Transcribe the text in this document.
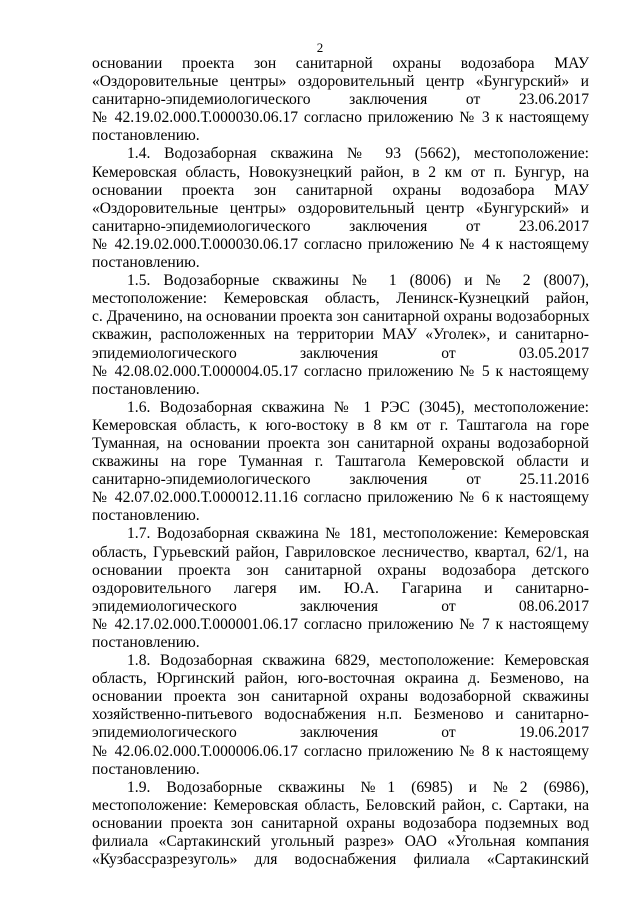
2

основании проекта зон санитарной охраны водозабора МАУ
«Оздоровительные центры» оздоровительный центр «Бунгурский» и
санитарно-эпидемиологического заключения от 23.06.2017
№ 42.19.02.000.Т.000030.06.17 согласно приложению № 3 к настоящему
постановлению.

1.4. Водозаборная скважина № 93 (5662), местоположение:
Кемеровская область, Новокузнецкий район, в 2 км от п. Бунгур, на
основании проекта зон санитарной охраны водозабора МАУ
«Оздоровительные центры» оздоровительный центр «Бунгурский» и
санитарно-эпидемиологического заключения от 23.06.2017
№ 42.19.02.000.Т.000030.06.17 согласно приложению № 4 к настоящему
постановлению.

1.5. Водозаборные скважины № 1 (8006) и № 2 (8007),
местоположение: Кемеровская область, Ленинск-Кузнецкий район,
с. Драченино, на основании проекта зон санитарной охраны водозаборных
скважин, расположенных на территории МАУ «Уголек», и санитарно-
эпидемиологического заключения от 03.05.2017
№ 42.08.02.000.Т.000004.05.17 согласно приложению № 5 к настоящему
постановлению.

1.6. Водозаборная скважина № 1 РЭС (3045), местоположение:
Кемеровская область, к юго-востоку в 8 км от г. Таштагола на горе
Туманная, на основании проекта зон санитарной охраны водозаборной
скважины на горе Туманная г. Таштагола Кемеровской области и
санитарно-эпидемиологического заключения от 25.11.2016
№ 42.07.02.000.Т.000012.11.16 согласно приложению № 6 к настоящему
постановлению.

1.7. Водозаборная скважина № 181, местоположение: Кемеровская
область, Гурьевский район, Гавриловское лесничество, квартал, 62/1, на
основании проекта зон санитарной охраны водозабора детского
оздоровительного лагеря им. Ю.А. Гагарина и санитарно-
эпидемиологического заключения от 08.06.2017
№ 42.17.02.000.Т.000001.06.17 согласно приложению № 7 к настоящему
постановлению.

1.8. Водозаборная скважина 6829, местоположение: Кемеровская
область, Юргинский район, юго-восточная окраина д. Безменово, на
основании проекта зон санитарной охраны водозаборной скважины
хозяйственно-питьевого водоснабжения н.п. Безменово и санитарно-
эпидемиологического заключения от 19.06.2017
№ 42.06.02.000.Т.000006.06.17 согласно приложению № 8 к настоящему
постановлению.

1.9. Водозаборные скважины №1 (6985) и №2 (6986),
местоположение: Кемеровская область, Беловский район, с. Сартаки, на
основании проекта зон санитарной охраны водозабора подземных вод
филиала «Сартакинский угольный разрез» ОАО «Угольная компания
«Кузбассразрезуголь» для водоснабжения филиала «Сартакинский
